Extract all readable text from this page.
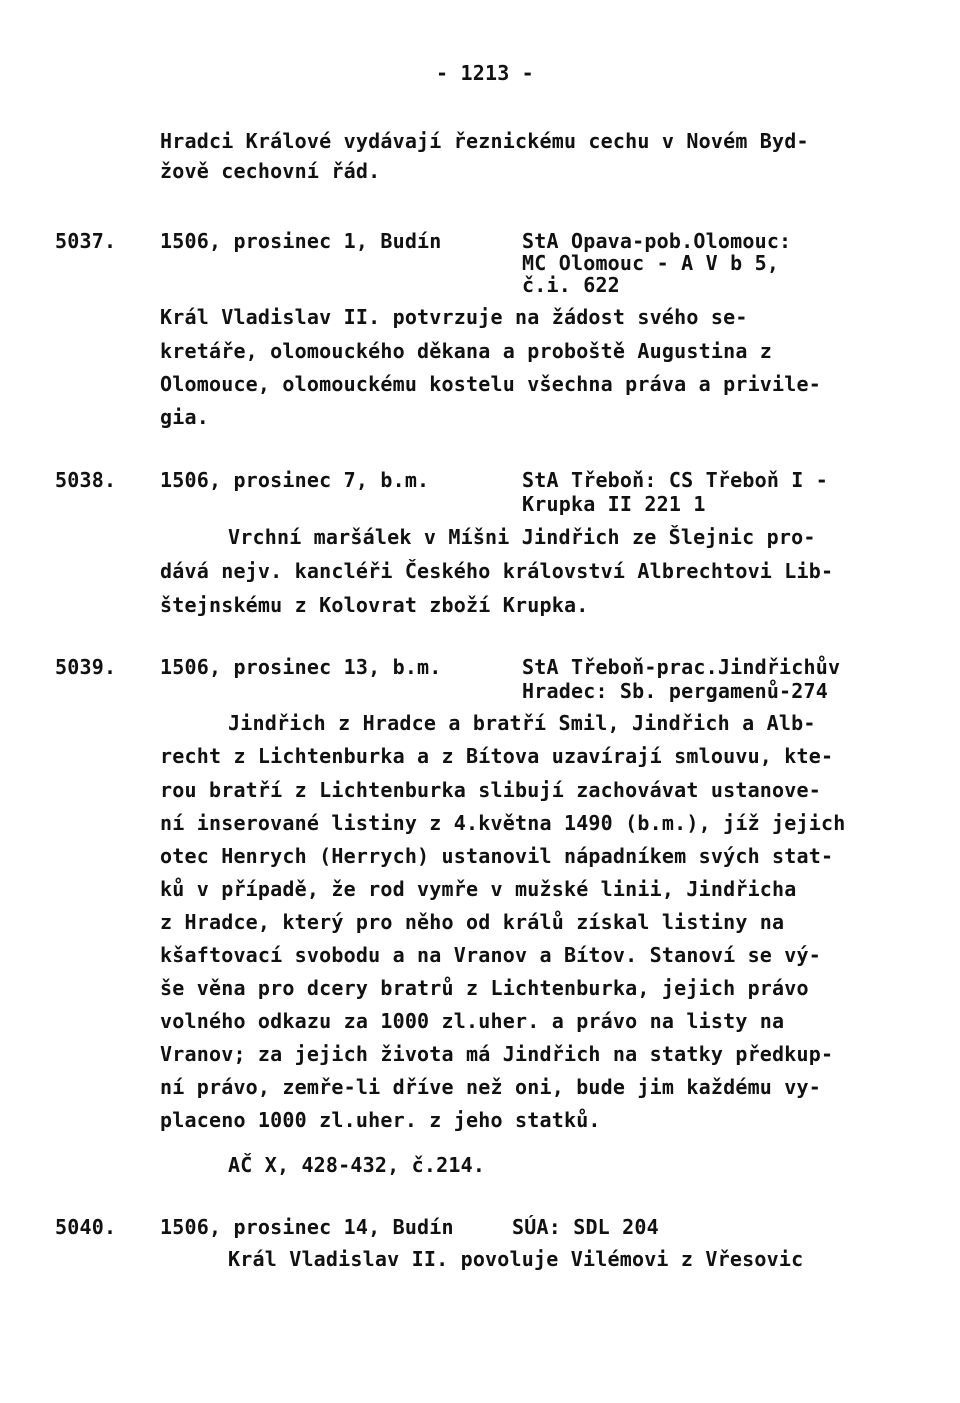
- 1213 -
Hradci Králové vydávají řeznickému cechu v Novém Byd-
žově cechovní řád.
5037. 1506, prosinec 1, Budín	StA Opava-pob.Olomouc:
MC Olomouc - A V b 5,
č.i. 622
Král Vladislav II. potvrzuje na žádost svého se-
kretáře, olomouckého děkana a proboště Augustina z
Olomouce, olomouckému kostelu všechna práva a privile-
gia.
5038. 1506, prosinec 7, b.m.	StA Třeboň: CS Třeboň I -
Krupka II 221 1
Vrchní maršálek v Míšni Jindřich ze Šlejnic pro-
dává nejv. kancléři Českého království Albrechtovi Lib-
štejnskému z Kolovrat zboží Krupka.
5039. 1506, prosinec 13, b.m.	StA Třeboň-prac.Jindřichův
Hradec: Sb. pergamenů-274
Jindřich z Hradce a bratří Smil, Jindřich a Alb-
recht z Lichtenburka a z Bítova uzavírají smlouvu, kte-
rou bratří z Lichtenburka slibují zachovávat ustanove-
ní inserované listiny z 4.května 1490 (b.m.), jíž jejich
otec Henrych (Herrych) ustanovil nápadníkem svých stat-
ků v případě, že rod vymře v mužské linii, Jindřicha
z Hradce, který pro něho od králů získal listiny na
kšaftovací svobodu a na Vranov a Bítov. Stanoví se vý-
še věna pro dcery bratrů z Lichtenburka, jejich právo
volného odkazu za 1000 zl.uher. a právo na listy na
Vranov; za jejich života má Jindřich na statky předkup-
ní právo, zemře-li dříve než oni, bude jim každému vy-
placeno 1000 zl.uher. z jeho statků.
AČ X, 428-432, č.214.
5040. 1506, prosinec 14, Budín	SÚA: SDL 204
Král Vladislav II. povoluje Vilémovi z Vřesovic
